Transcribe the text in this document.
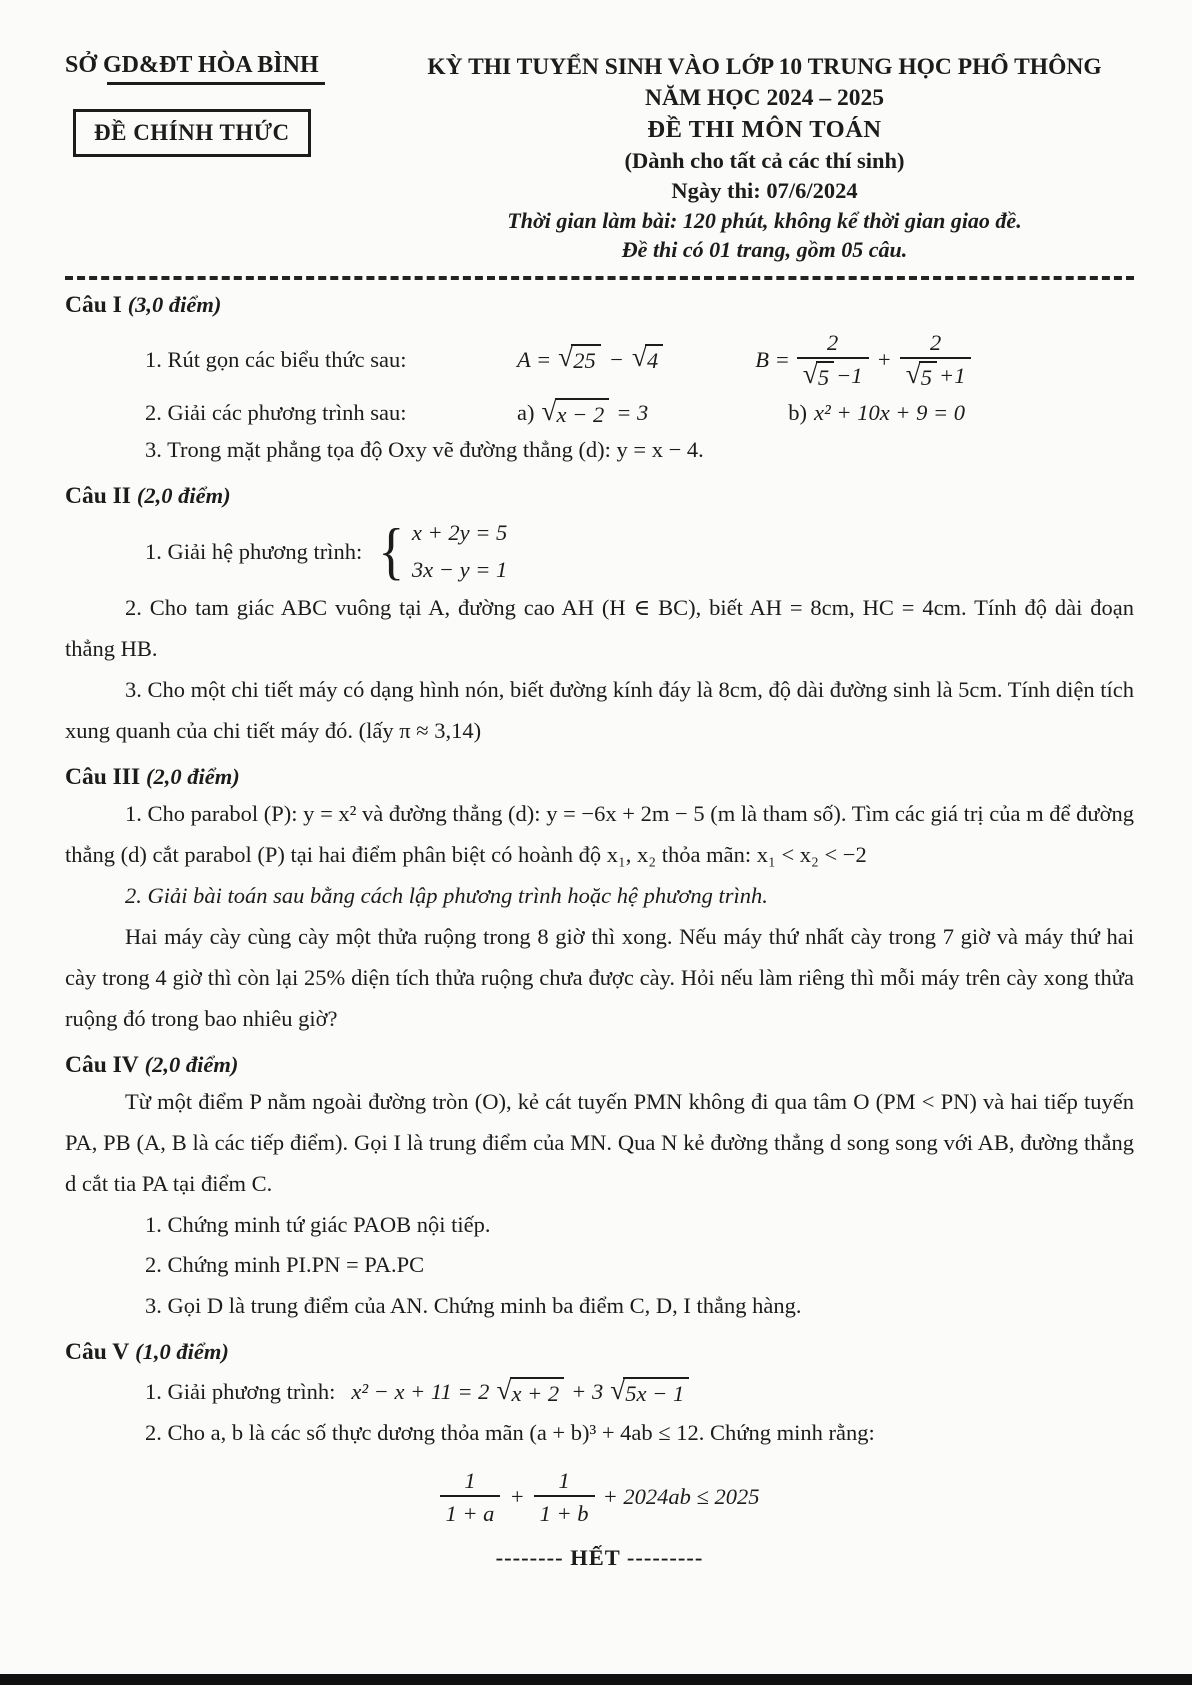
SỞ GD&ĐT HÒA BÌNH
ĐỀ CHÍNH THỨC
KỲ THI TUYỂN SINH VÀO LỚP 10 TRUNG HỌC PHỔ THÔNG
NĂM HỌC 2024 – 2025
ĐỀ THI MÔN TOÁN
(Dành cho tất cả các thí sinh)
Ngày thi: 07/6/2024
Thời gian làm bài: 120 phút, không kể thời gian giao đề.
Đề thi có 01 trang, gồm 05 câu.
Câu I (3,0 điểm)
1. Rút gọn các biểu thức sau:	A = √ 25 − √ 4	$B = \frac{2}{√ 5 -1} + \frac{2}{√ 5 +1}$
2. Giải các phương trình sau:	a) √ x − 2 = 3	b) x² + 10x + 9 = 0
3. Trong mặt phẳng tọa độ Oxy vẽ đường thẳng (d): y = x − 4.
Câu II (2,0 điểm)
1. Giải hệ phương trình: { x + 2y = 5
3x − y = 1

2. Cho tam giác ABC vuông tại A, đường cao AH (H ∈ BC), biết AH = 8cm, HC = 4cm. Tính độ dài đoạn thẳng HB.

3. Cho một chi tiết máy có dạng hình nón, biết đường kính đáy là 8cm, độ dài đường sinh là 5cm. Tính diện tích xung quanh của chi tiết máy đó. (lấy π ≈ 3,14)

Câu III (2,0 điểm)

1. Cho parabol (P): y = x² và đường thẳng (d): y = −6x + 2m − 5 (m là tham số). Tìm các giá trị của m để đường thẳng (d) cắt parabol (P) tại hai điểm phân biệt có hoành độ x₁, x₂ thỏa mãn: x₁ < x₂ < −2

2. Giải bài toán sau bằng cách lập phương trình hoặc hệ phương trình.

Hai máy cày cùng cày một thửa ruộng trong 8 giờ thì xong. Nếu máy thứ nhất cày trong 7 giờ và máy thứ hai cày trong 4 giờ thì còn lại 25% diện tích thửa ruộng chưa được cày. Hỏi nếu làm riêng thì mỗi máy trên cày xong thửa ruộng đó trong bao nhiêu giờ?

Câu IV (2,0 điểm)

Từ một điểm P nằm ngoài đường tròn (O), kẻ cát tuyến PMN không đi qua tâm O (PM < PN) và hai tiếp tuyến PA, PB (A, B là các tiếp điểm). Gọi I là trung điểm của MN. Qua N kẻ đường thẳng d song song với AB, đường thẳng d cắt tia PA tại điểm C.

1. Chứng minh tứ giác PAOB nội tiếp.
2. Chứng minh PI.PN = PA.PC
3. Gọi D là trung điểm của AN. Chứng minh ba điểm C, D, I thẳng hàng.
Câu V (1,0 điểm)
1. Giải phương trình: x² − x + 11 = 2 √ x + 2 + 3 √ 5x − 1
2. Cho a, b là các số thực dương thỏa mãn (a + b)³ + 4ab ≤ 12. Chứng minh rằng:
$\frac{1}{1 + a} + \frac{1}{1 + b} + 2024ab \le 2025$
-------- HẾT ---------
